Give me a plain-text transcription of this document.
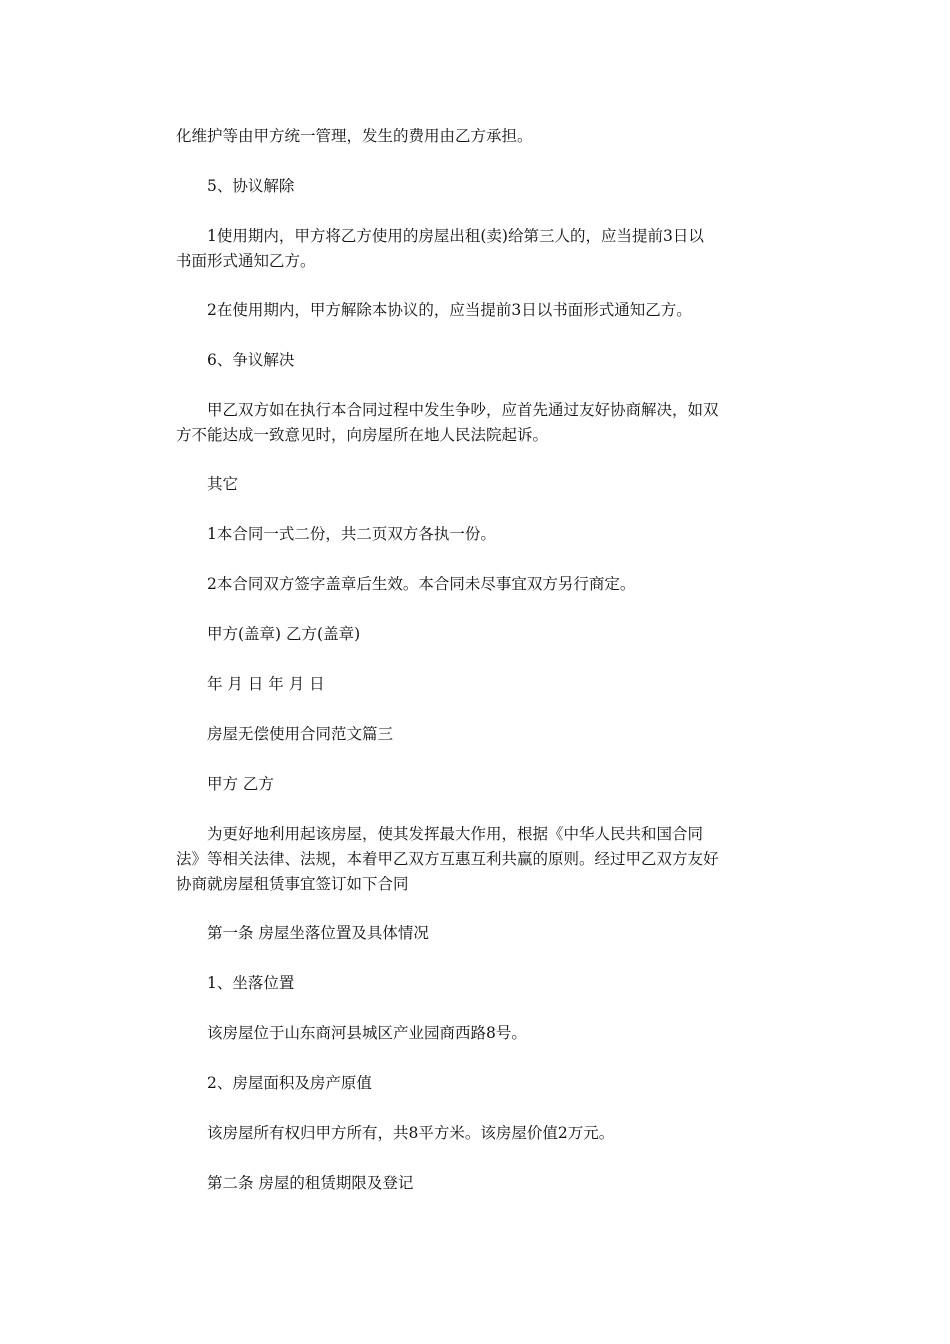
化维护等由甲方统一管理，发生的费用由乙方承担。
　　5、协议解除
　　1使用期内，甲方将乙方使用的房屋出租(卖)给第三人的，应当提前3日以
书面形式通知乙方。
　　2在使用期内，甲方解除本协议的，应当提前3日以书面形式通知乙方。
　　6、争议解决
　　甲乙双方如在执行本合同过程中发生争吵，应首先通过友好协商解决，如双
方不能达成一致意见时，向房屋所在地人民法院起诉。
　　其它
　　1本合同一式二份，共二页双方各执一份。
　　2本合同双方签字盖章后生效。本合同未尽事宜双方另行商定。
　　甲方(盖章) 乙方(盖章)
　　年 月 日 年 月 日
　　房屋无偿使用合同范文篇三
　　甲方 乙方
　　为更好地利用起该房屋，使其发挥最大作用，根据《中华人民共和国合同
法》等相关法律、法规，本着甲乙双方互惠互利共赢的原则。经过甲乙双方友好
协商就房屋租赁事宜签订如下合同
　　第一条 房屋坐落位置及具体情况
　　1、坐落位置
　　该房屋位于山东商河县城区产业园商西路8号。
　　2、房屋面积及房产原值
　　该房屋所有权归甲方所有，共8平方米。该房屋价值2万元。
　　第二条 房屋的租赁期限及登记
